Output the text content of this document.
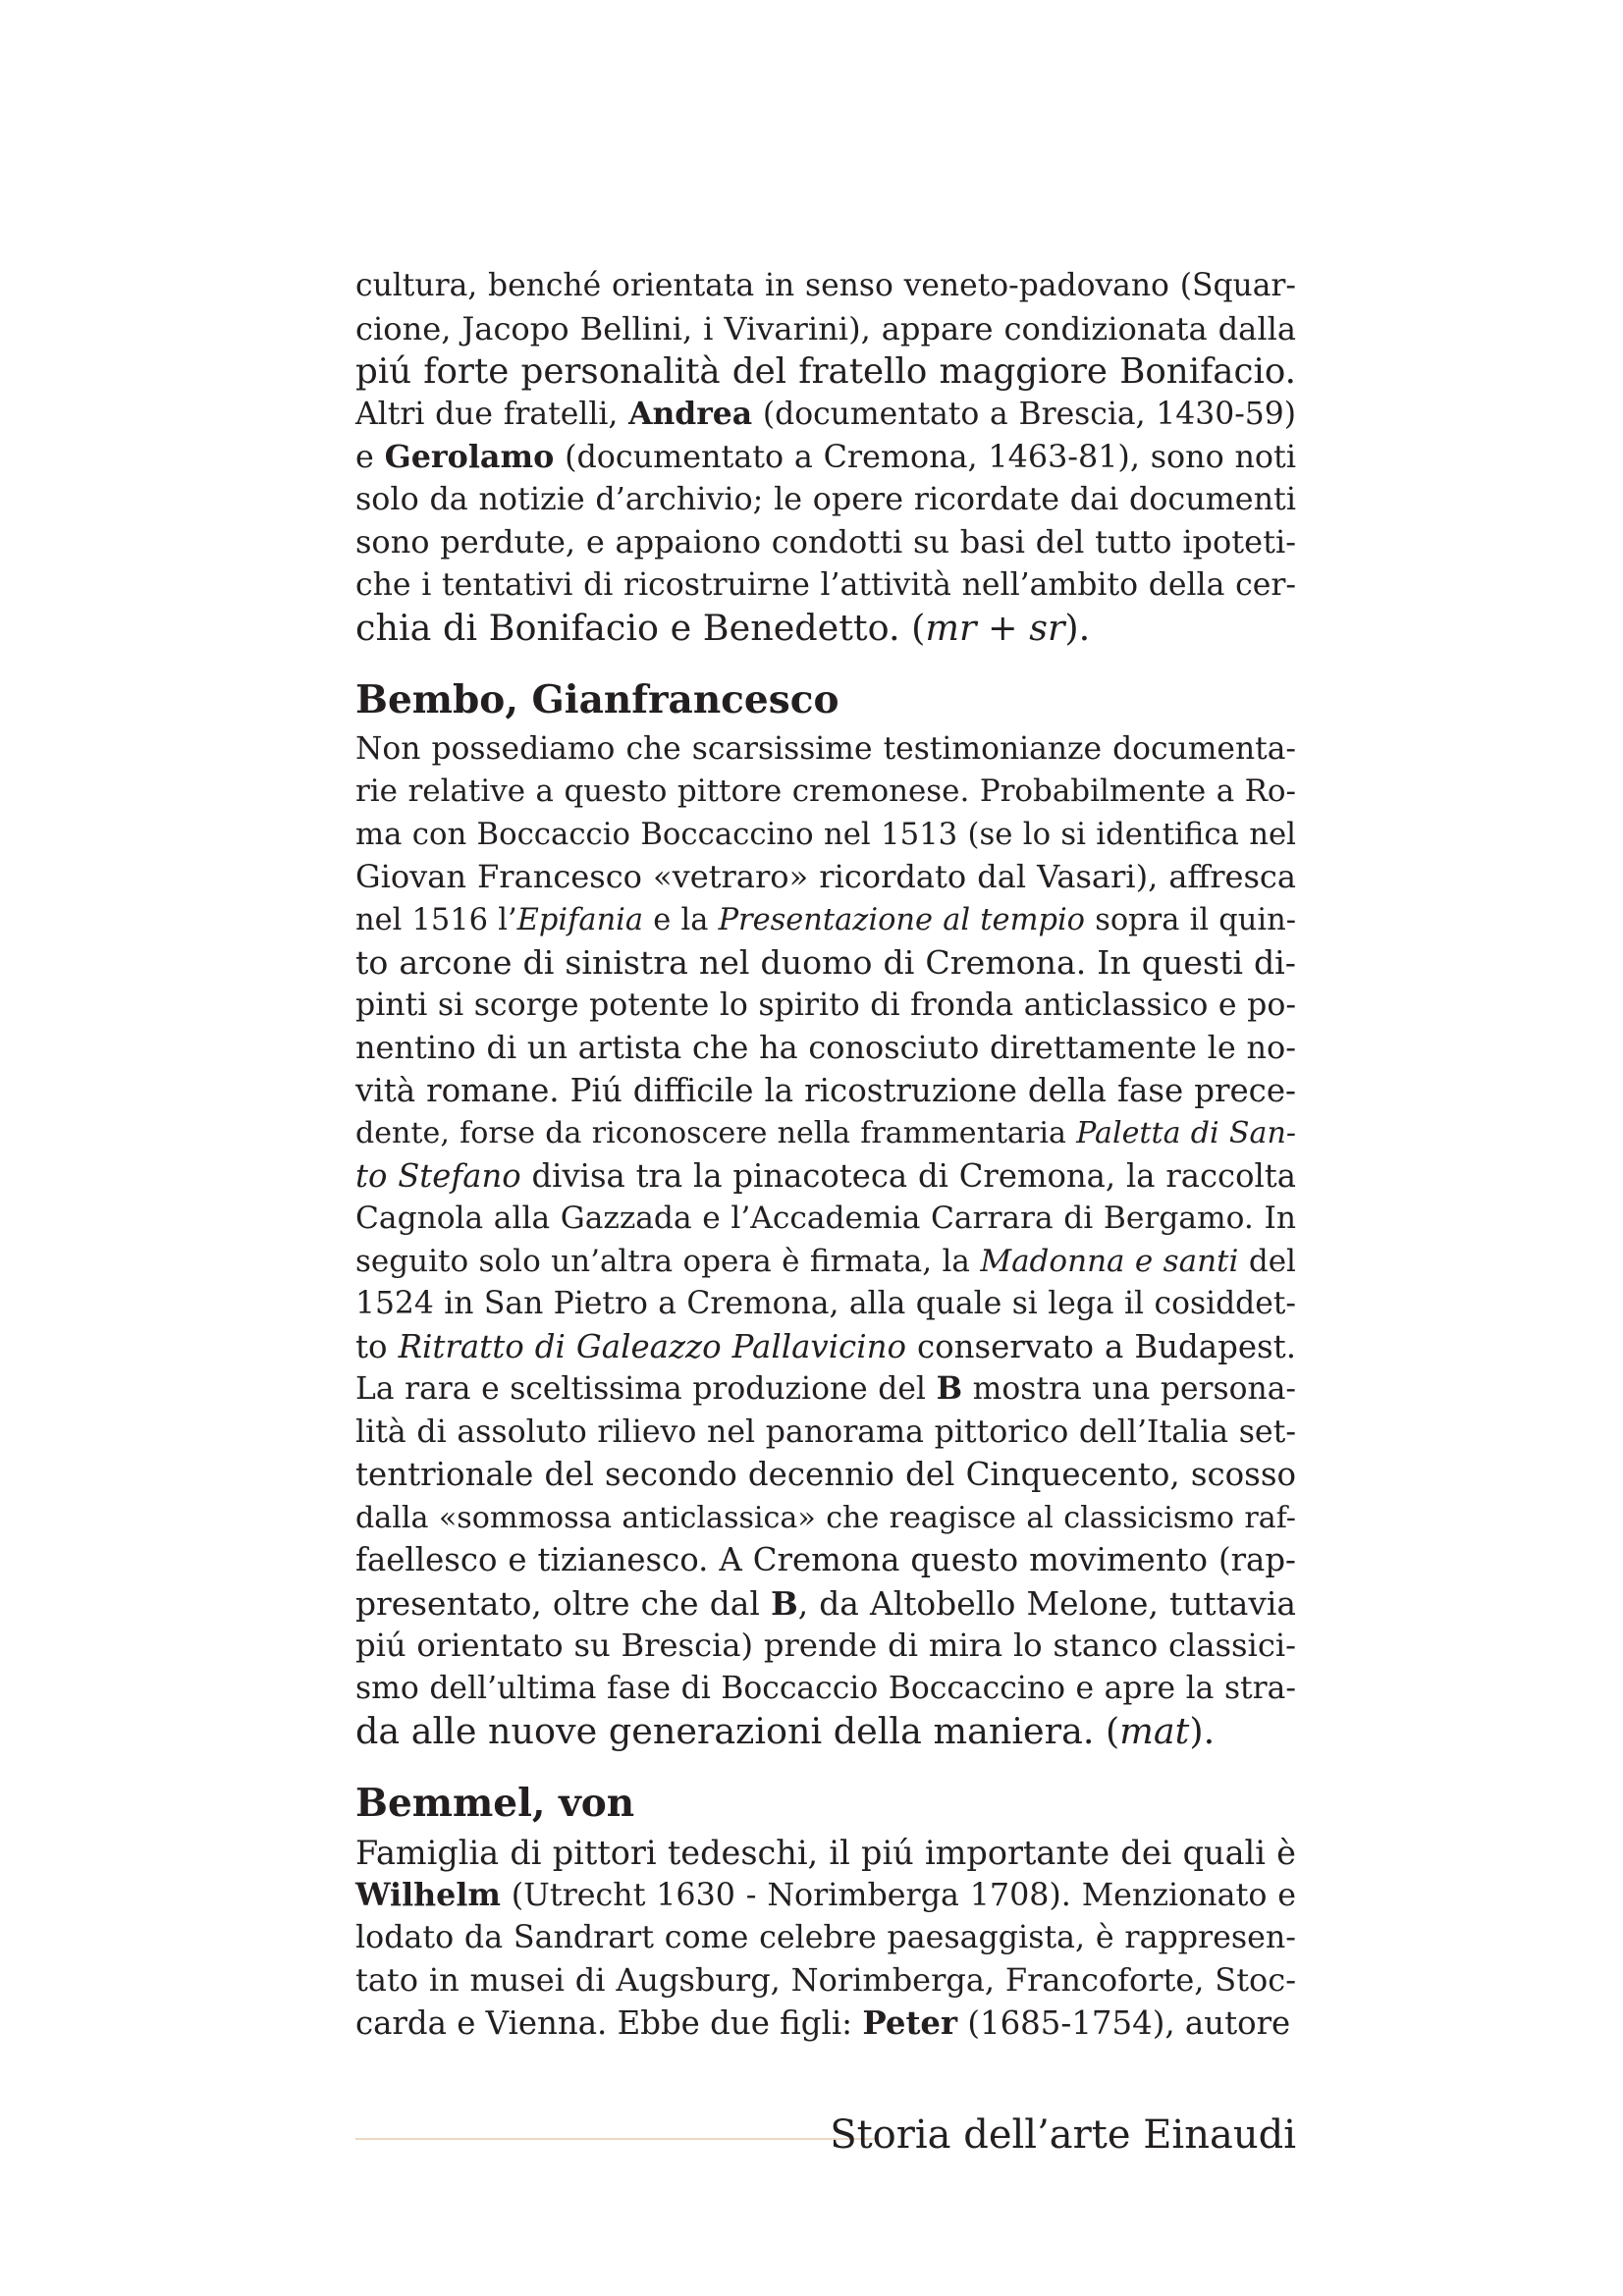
cultura, benché orientata in senso veneto-padovano (Squar-
cione, Jacopo Bellini, i Vivarini), appare condizionata dalla
piú forte personalità del fratello maggiore Bonifacio.
Altri due fratelli, Andrea (documentato a Brescia, 1430-59)
e Gerolamo (documentato a Cremona, 1463-81), sono noti
solo da notizie d’archivio; le opere ricordate dai documenti
sono perdute, e appaiono condotti su basi del tutto ipoteti-
che i tentativi di ricostruirne l’attività nell’ambito della cer-
chia di Bonifacio e Benedetto. (mr + sr).
Bembo, Gianfrancesco
Non possediamo che scarsissime testimonianze documenta-
rie relative a questo pittore cremonese. Probabilmente a Ro-
ma con Boccaccio Boccaccino nel 1513 (se lo si identifica nel
Giovan Francesco «vetraro» ricordato dal Vasari), affresca
nel 1516 l’Epifania e la Presentazione al tempio sopra il quin-
to arcone di sinistra nel duomo di Cremona. In questi di-
pinti si scorge potente lo spirito di fronda anticlassico e po-
nentino di un artista che ha conosciuto direttamente le no-
vità romane. Piú difficile la ricostruzione della fase prece-
dente, forse da riconoscere nella frammentaria Paletta di San-
to Stefano divisa tra la pinacoteca di Cremona, la raccolta
Cagnola alla Gazzada e l’Accademia Carrara di Bergamo. In
seguito solo un’altra opera è firmata, la Madonna e santi del
1524 in San Pietro a Cremona, alla quale si lega il cosiddet-
to Ritratto di Galeazzo Pallavicino conservato a Budapest.
La rara e sceltissima produzione del B mostra una persona-
lità di assoluto rilievo nel panorama pittorico dell’Italia set-
tentrionale del secondo decennio del Cinquecento, scosso
dalla «sommossa anticlassica» che reagisce al classicismo raf-
faellesco e tizianesco. A Cremona questo movimento (rap-
presentato, oltre che dal B, da Altobello Melone, tuttavia
piú orientato su Brescia) prende di mira lo stanco classici-
smo dell’ultima fase di Boccaccio Boccaccino e apre la stra-
da alle nuove generazioni della maniera. (mat).
Bemmel, von
Famiglia di pittori tedeschi, il piú importante dei quali è
Wilhelm (Utrecht 1630 - Norimberga 1708). Menzionato e
lodato da Sandrart come celebre paesaggista, è rappresen-
tato in musei di Augsburg, Norimberga, Francoforte, Stoc-
carda e Vienna. Ebbe due figli: Peter (1685-1754), autore
Storia dell’arte Einaudi
